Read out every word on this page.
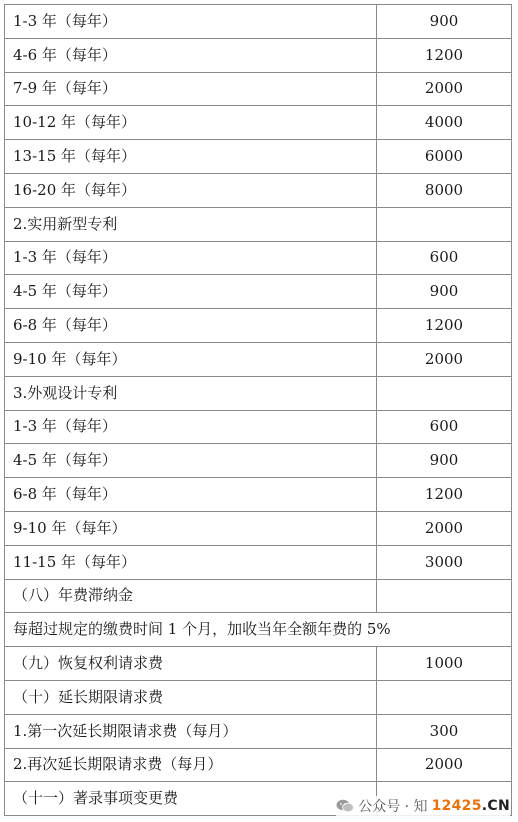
1-3 年（每年）	900
4-6 年（每年）	1200
7-9 年（每年）	2000
10-12 年（每年）	4000
13-15 年（每年）	6000
16-20 年（每年）	8000
2.实用新型专利	
1-3 年（每年）	600
4-5 年（每年）	900
6-8 年（每年）	1200
9-10 年（每年）	2000
3.外观设计专利	
1-3 年（每年）	600
4-5 年（每年）	900
6-8 年（每年）	1200
9-10 年（每年）	2000
11-15 年（每年）	3000
（八）年费滞纳金	
每超过规定的缴费时间 1 个月，加收当年全额年费的 5%	
（九）恢复权利请求费	1000
（十）延长期限请求费	
1.第一次延长期限请求费（每月）	300
2.再次延长期限请求费（每月）	2000
（十一）著录事项变更费		公众号 · 知 12425.CN
